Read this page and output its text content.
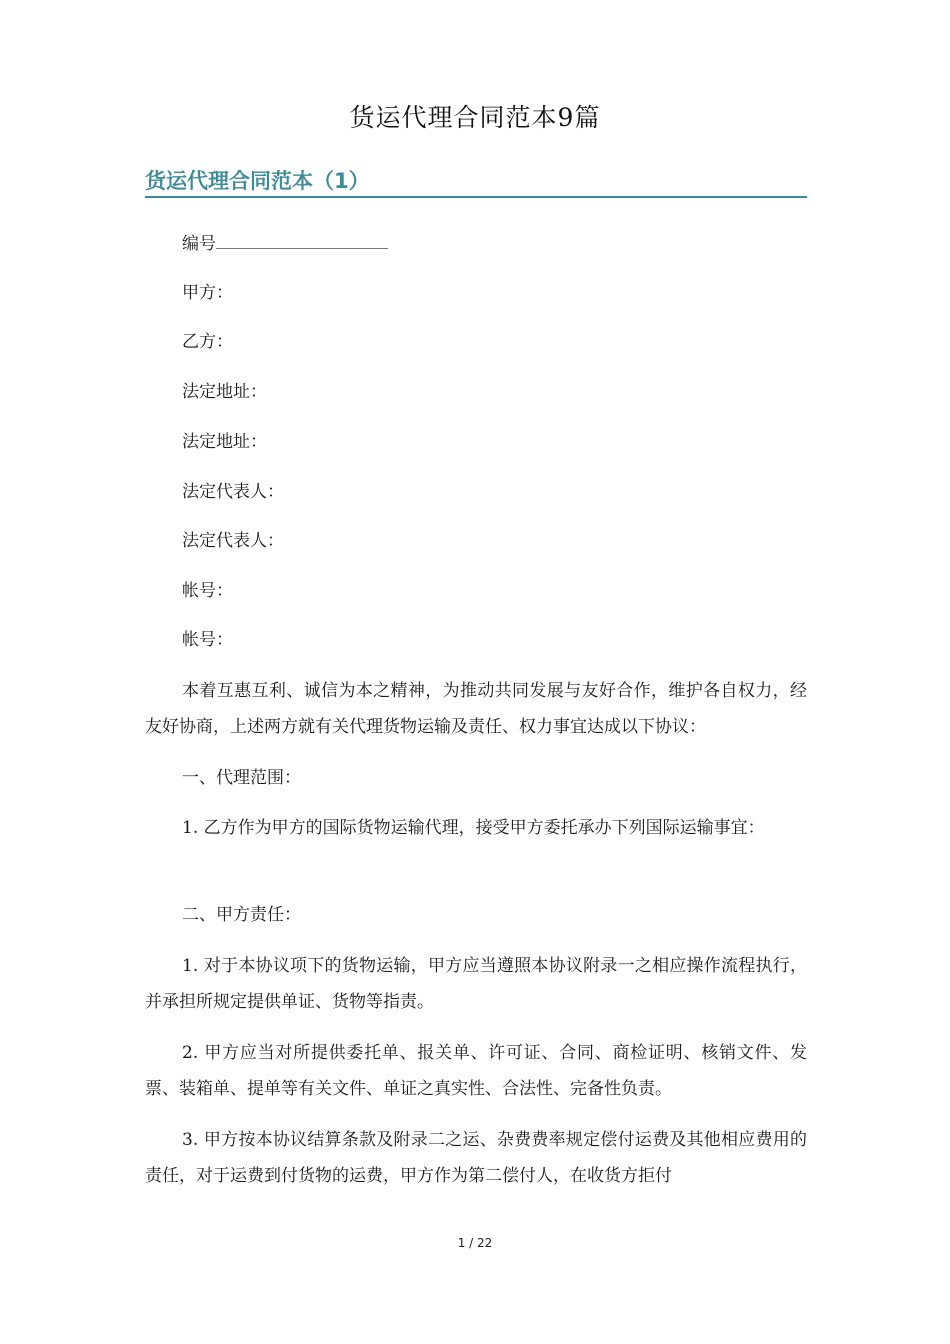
货运代理合同范本9篇
货运代理合同范本（1）
编号
甲方：
乙方：
法定地址：
法定地址：
法定代表人：
法定代表人：
帐号：
帐号：
本着互惠互利、诚信为本之精神，为推动共同发展与友好合作，维护各自权力，经友好协商，上述两方就有关代理货物运输及责任、权力事宜达成以下协议：
一、代理范围：
1. 乙方作为甲方的国际货物运输代理，接受甲方委托承办下列国际运输事宜：
二、甲方责任：
1. 对于本协议项下的货物运输，甲方应当遵照本协议附录一之相应操作流程执行，并承担所规定提供单证、货物等指责。
2. 甲方应当对所提供委托单、报关单、许可证、合同、商检证明、核销文件、发票、装箱单、提单等有关文件、单证之真实性、合法性、完备性负责。
3. 甲方按本协议结算条款及附录二之运、杂费费率规定偿付运费及其他相应费用的责任，对于运费到付货物的运费，甲方作为第二偿付人，在收货方拒付
1 / 22
